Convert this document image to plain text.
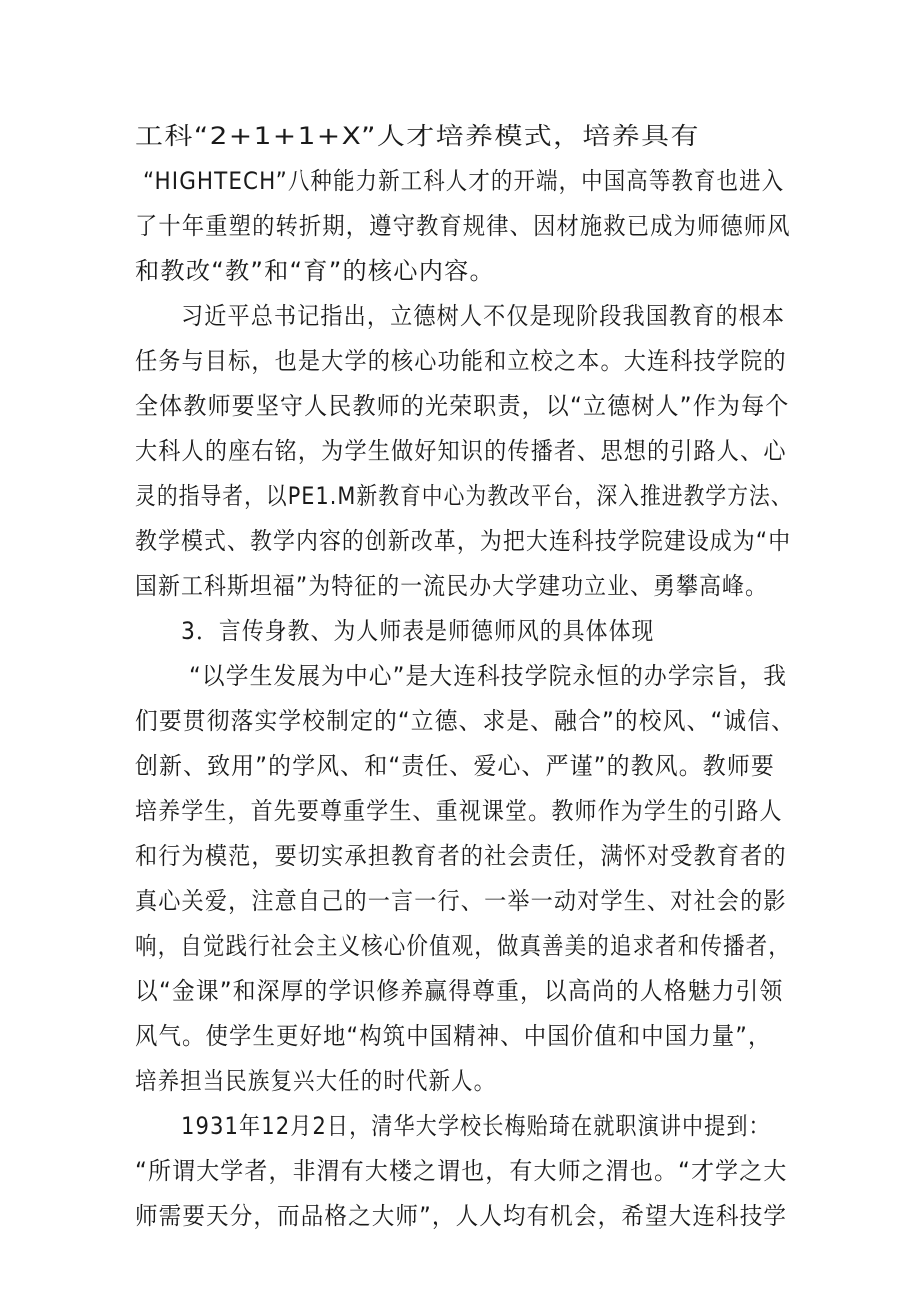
工科“2+1+1+X”人才培养模式，培养具有
“HIGHTECH”八种能力新工科人才的开端，中国高等教育也进入
了十年重塑的转折期，遵守教育规律、因材施救已成为师德师风
和教改“教”和“育”的核心内容。
习近平总书记指出，立德树人不仅是现阶段我国教育的根本
任务与目标，也是大学的核心功能和立校之本。大连科技学院的
全体教师要坚守人民教师的光荣职责，以“立德树人”作为每个
大科人的座右铭，为学生做好知识的传播者、思想的引路人、心
灵的指导者，以PE1.M新教育中心为教改平台，深入推进教学方法、
教学模式、教学内容的创新改革，为把大连科技学院建设成为“中
国新工科斯坦福”为特征的一流民办大学建功立业、勇攀高峰。
3．言传身教、为人师表是师德师风的具体体现
“以学生发展为中心”是大连科技学院永恒的办学宗旨，我
们要贯彻落实学校制定的“立德、求是、融合”的校风、“诚信、
创新、致用”的学风、和“责任、爱心、严谨”的教风。教师要
培养学生，首先要尊重学生、重视课堂。教师作为学生的引路人
和行为模范，要切实承担教育者的社会责任，满怀对受教育者的
真心关爱，注意自己的一言一行、一举一动对学生、对社会的影
响，自觉践行社会主义核心价值观，做真善美的追求者和传播者，
以“金课”和深厚的学识修养赢得尊重，以高尚的人格魅力引领
风气。使学生更好地“构筑中国精神、中国价值和中国力量”，
培养担当民族复兴大任的时代新人。
1931年12月2日，清华大学校长梅贻琦在就职演讲中提到：
“所谓大学者，非渭有大楼之谓也，有大师之渭也。“才学之大
师需要天分，而品格之大师”，人人均有机会，希望大连科技学
